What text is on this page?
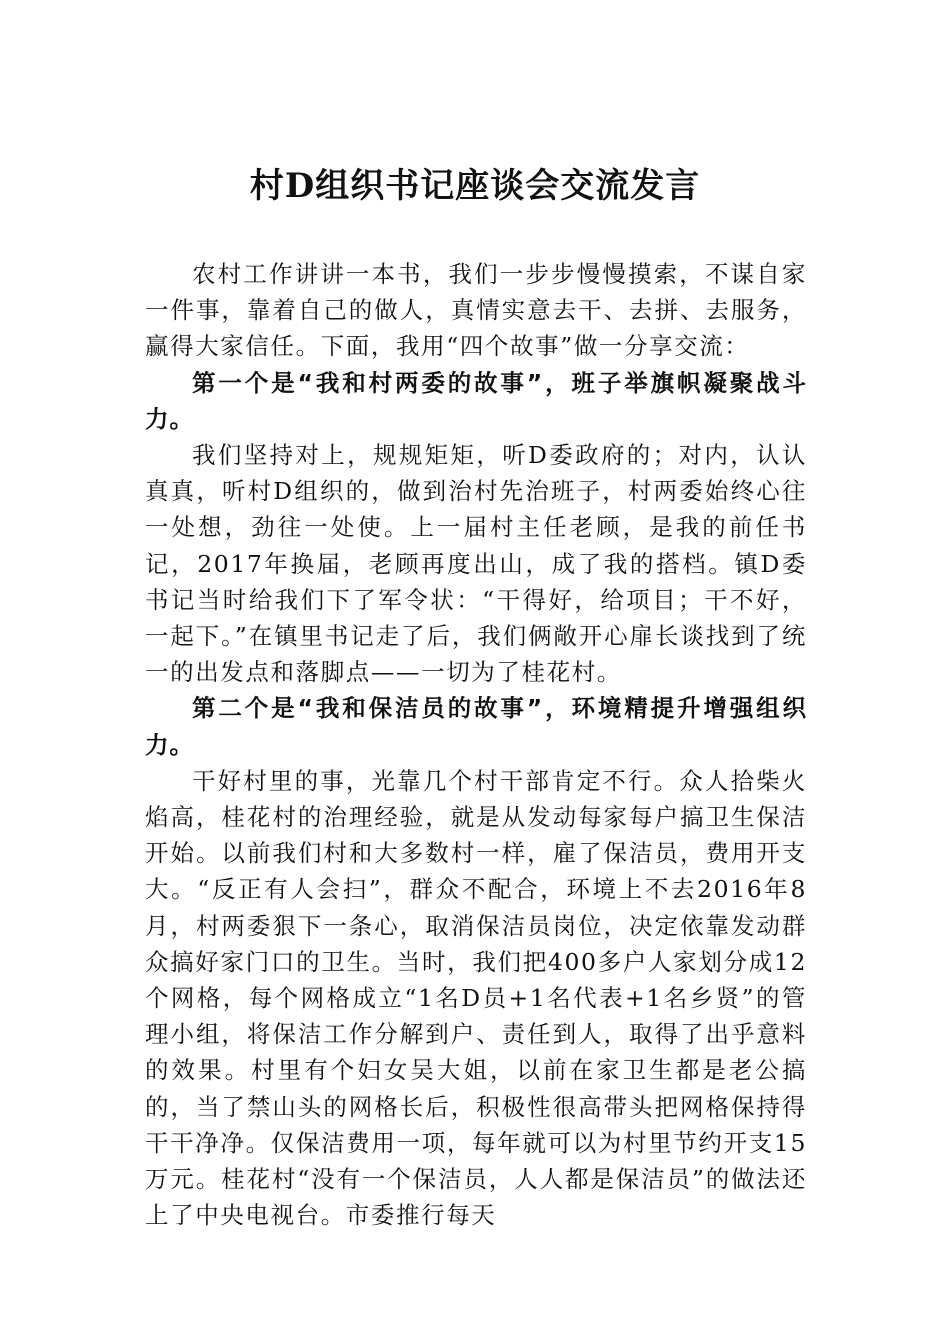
村D组织书记座谈会交流发言

农村工作讲讲一本书，我们一步步慢慢摸索，不谋自家一件事，靠着自己的做人，真情实意去干、去拼、去服务，赢得大家信任。下面，我用“四个故事”做一分享交流：

第一个是“我和村两委的故事”，班子举旗帜凝聚战斗力。

我们坚持对上，规规矩矩，听D委政府的；对内，认认真真，听村D组织的，做到治村先治班子，村两委始终心往一处想，劲往一处使。上一届村主任老顾，是我的前任书记，2017年换届，老顾再度出山，成了我的搭档。镇D委书记当时给我们下了军令状：“干得好，给项目；干不好，一起下。”在镇里书记走了后，我们俩敞开心扉长谈找到了统一的出发点和落脚点——一切为了桂花村。

第二个是“我和保洁员的故事”，环境精提升增强组织力。

干好村里的事，光靠几个村干部肯定不行。众人拾柴火焰高，桂花村的治理经验，就是从发动每家每户搞卫生保洁开始。以前我们村和大多数村一样，雇了保洁员，费用开支大。“反正有人会扫”，群众不配合，环境上不去2016年8月，村两委狠下一条心，取消保洁员岗位，决定依靠发动群众搞好家门口的卫生。当时，我们把400多户人家划分成12个网格，每个网格成立“1名D员+1名代表+1名乡贤”的管理小组，将保洁工作分解到户、责任到人，取得了出乎意料的效果。村里有个妇女吴大姐，以前在家卫生都是老公搞的，当了禁山头的网格长后，积极性很高带头把网格保持得干干净净。仅保洁费用一项，每年就可以为村里节约开支15万元。桂花村“没有一个保洁员，人人都是保洁员”的做法还上了中央电视台。市委推行每天
